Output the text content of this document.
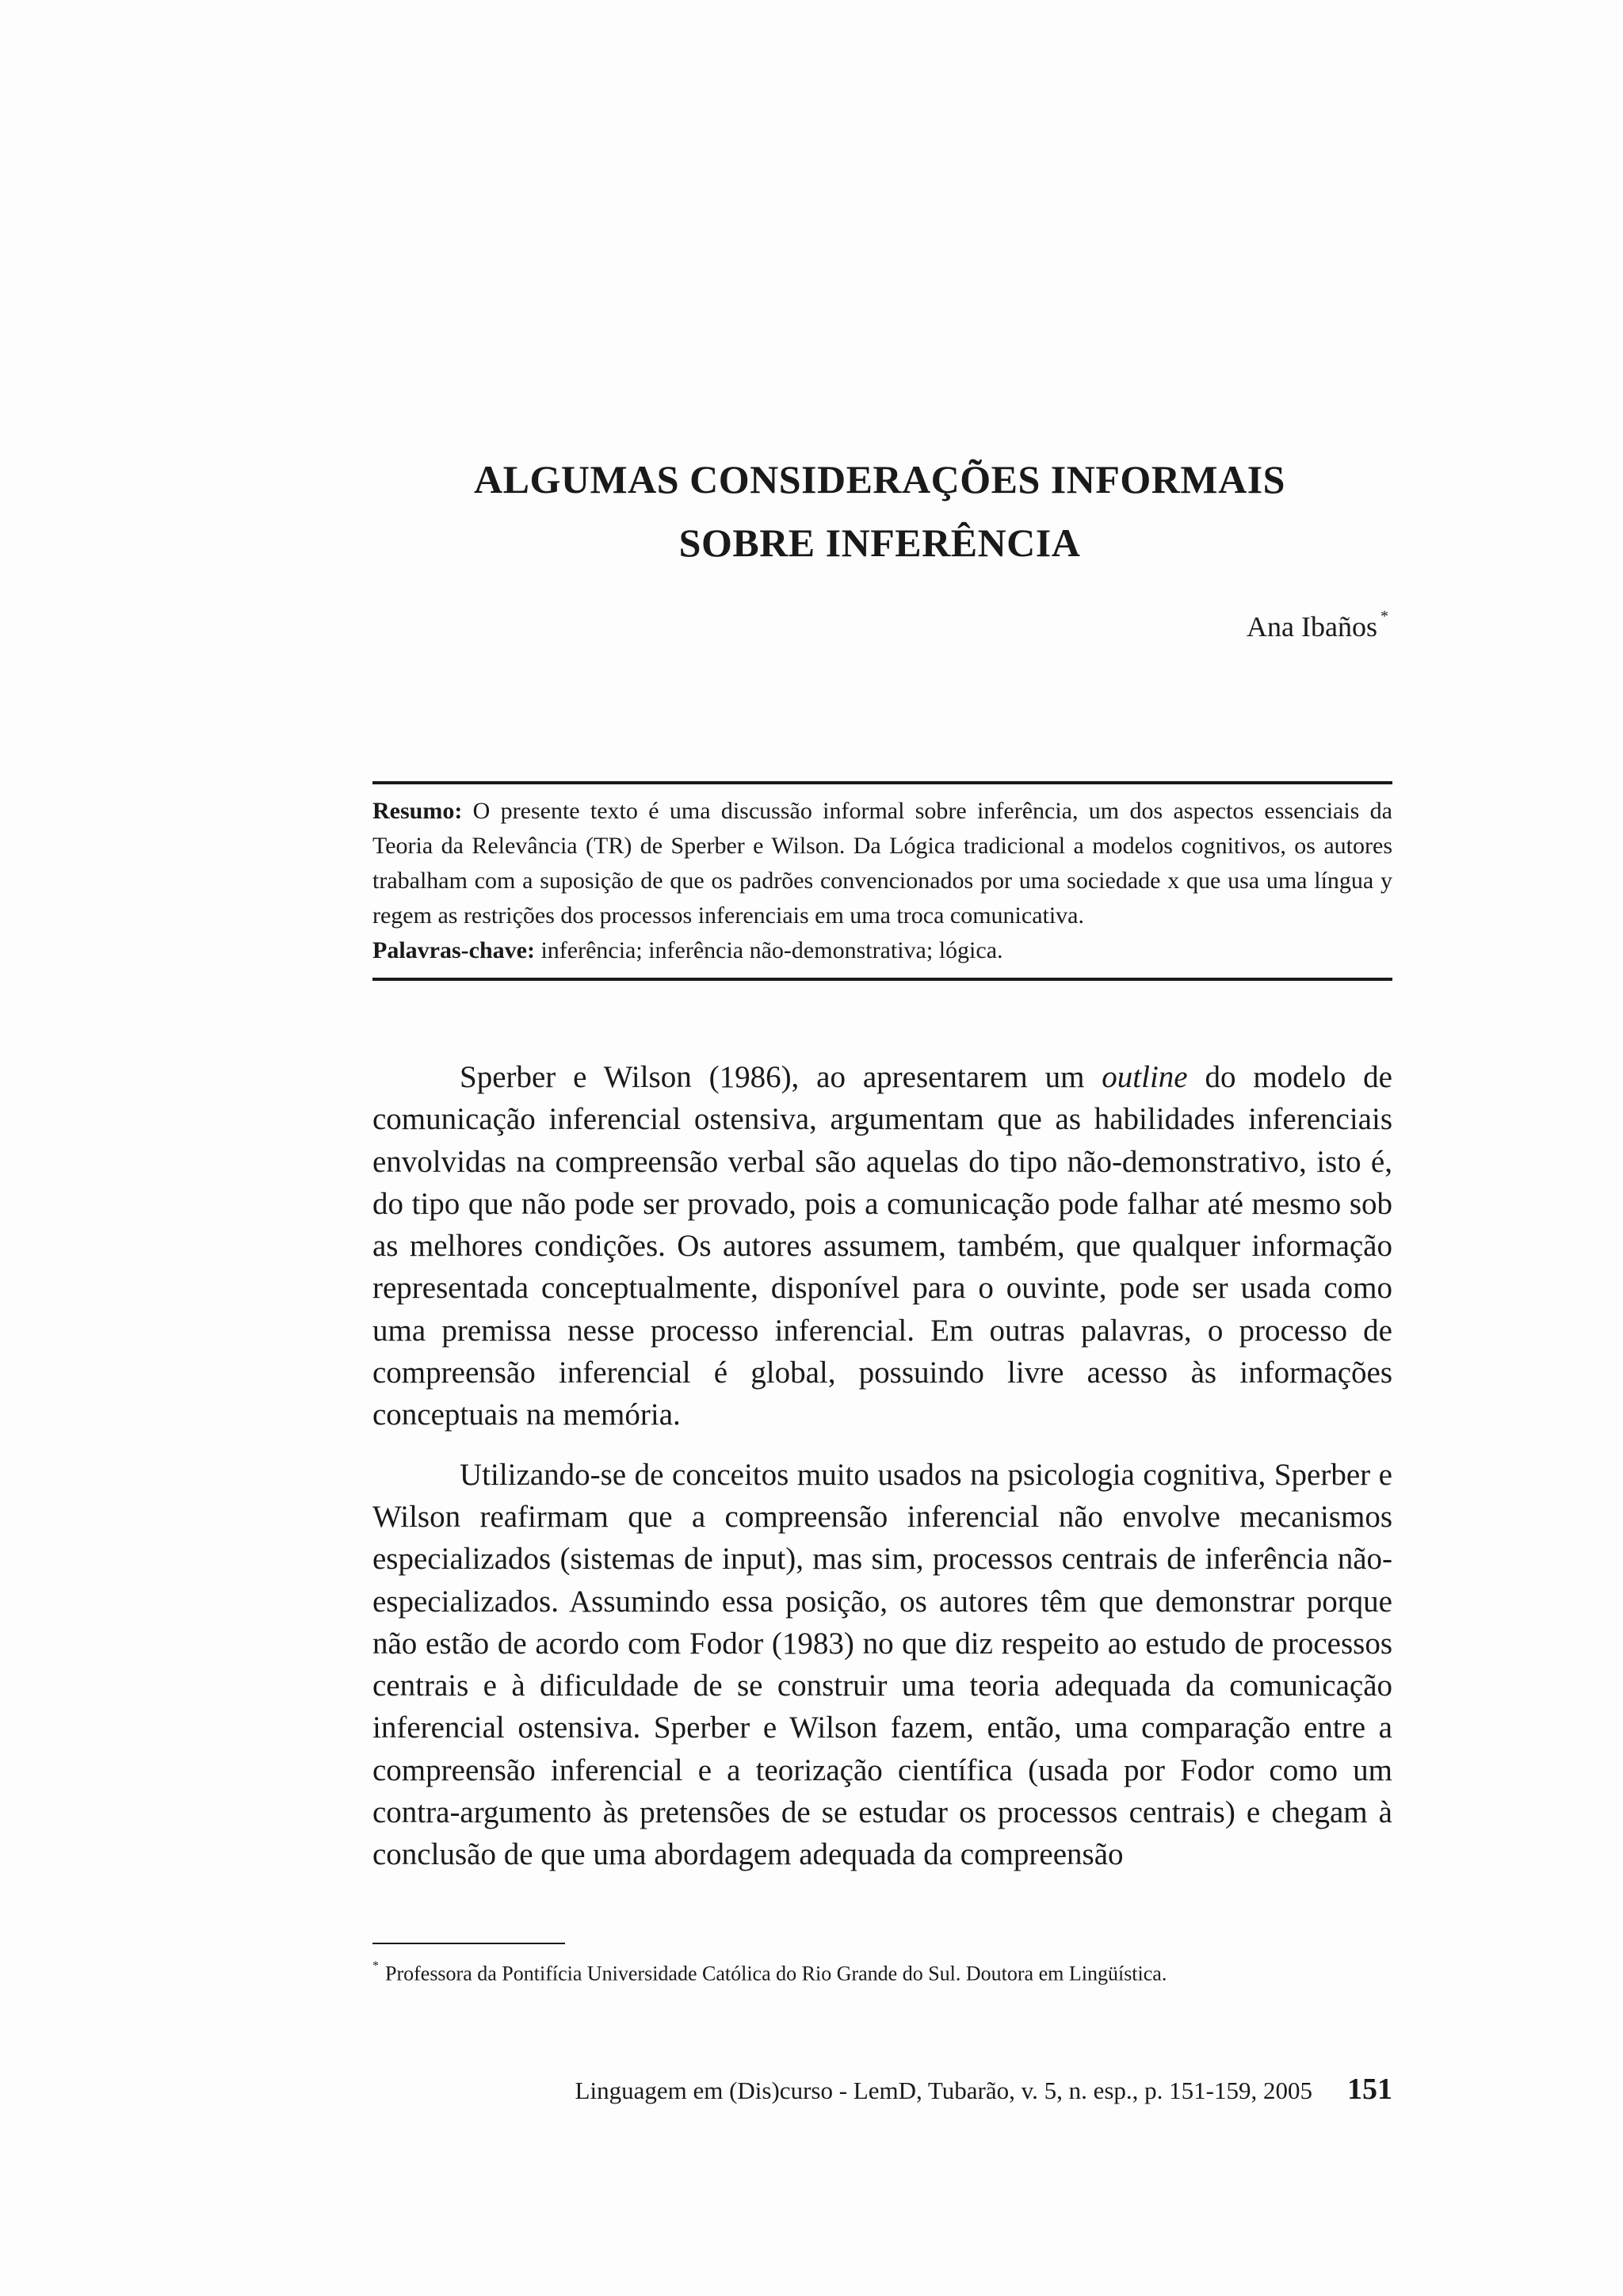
ALGUMAS CONSIDERAÇÕES INFORMAIS
SOBRE INFERÊNCIA
Ana Ibaños *

Resumo: O presente texto é uma discussão informal sobre inferência, um dos aspectos essenciais da Teoria da Relevância (TR) de Sperber e Wilson. Da Lógica tradicional a modelos cognitivos, os autores trabalham com a suposição de que os padrões convencionados por uma sociedade x que usa uma língua y regem as restrições dos processos inferenciais em uma troca comunicativa.

Palavras-chave: inferência; inferência não-demonstrativa; lógica.

Sperber e Wilson (1986), ao apresentarem um outline do modelo de comunicação inferencial ostensiva, argumentam que as habilidades inferenciais envolvidas na compreensão verbal são aquelas do tipo não-demonstrativo, isto é, do tipo que não pode ser provado, pois a comunicação pode falhar até mesmo sob as melhores condições. Os autores assumem, também, que qualquer informação representada conceptualmente, disponível para o ouvinte, pode ser usada como uma premissa nesse processo inferencial. Em outras palavras, o processo de compreensão inferencial é global, possuindo livre acesso às informações conceptuais na memória.

Utilizando-se de conceitos muito usados na psicologia cognitiva, Sperber e Wilson reafirmam que a compreensão inferencial não envolve mecanismos especializados (sistemas de input), mas sim, processos centrais de inferência não-especializados. Assumindo essa posição, os autores têm que demonstrar porque não estão de acordo com Fodor (1983) no que diz respeito ao estudo de processos centrais e à dificuldade de se construir uma teoria adequada da comunicação inferencial ostensiva. Sperber e Wilson fazem, então, uma comparação entre a compreensão inferencial e a teorização científica (usada por Fodor como um contra-argumento às pretensões de se estudar os processos centrais) e chegam à conclusão de que uma abordagem adequada da compreensão

* Professora da Pontifícia Universidade Católica do Rio Grande do Sul. Doutora em Lingüística.
Linguagem em (Dis)curso - LemD, Tubarão, v. 5, n. esp., p. 151-159, 2005 151
